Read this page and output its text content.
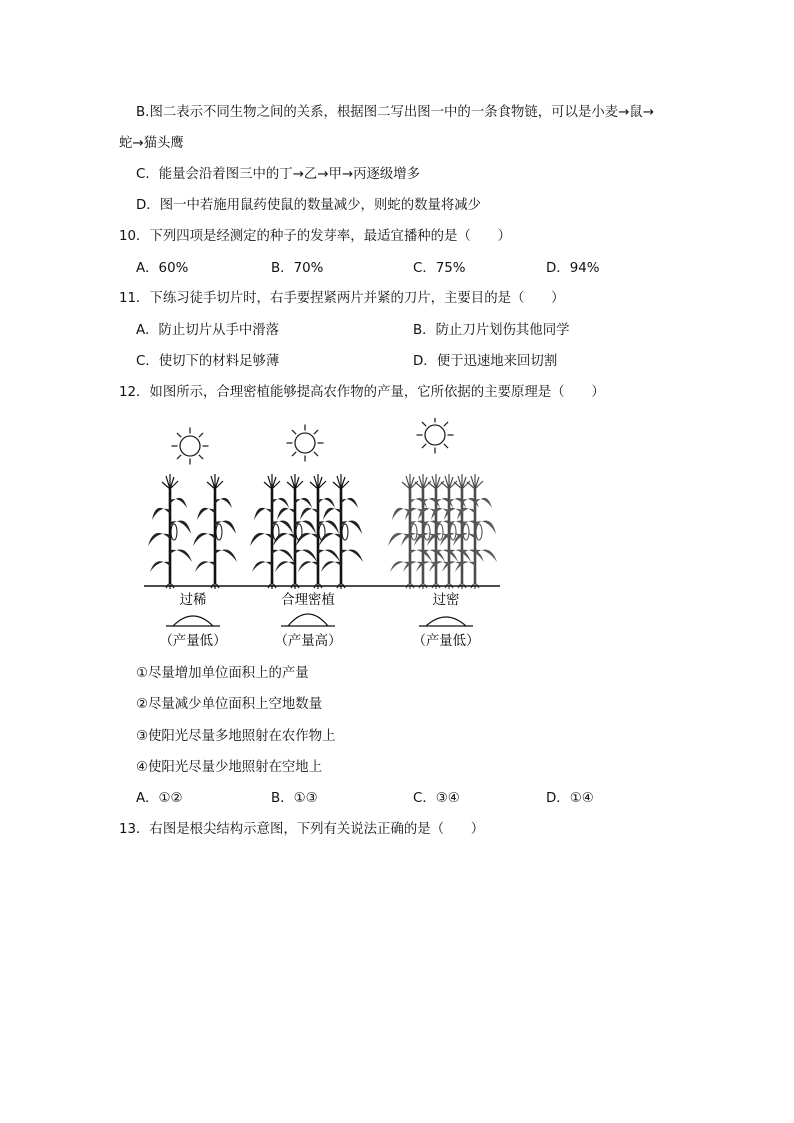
B.图二表示不同生物之间的关系，根据图二写出图一中的一条食物链，可以是小麦→鼠→
蛇→猫头鹰
C．能量会沿着图三中的丁→乙→甲→丙逐级增多
D．图一中若施用鼠药使鼠的数量减少，则蛇的数量将减少
10．下列四项是经测定的种子的发芽率，最适宜播种的是（　　）
A．60%	B．70%	C．75%	D．94%
11．下练习徒手切片时，右手要捏紧两片并紧的刀片，主要目的是（　　）
A．防止切片从手中滑落	B．防止刀片划伤其他同学
C．使切下的材料足够薄	D．便于迅速地来回切割
12．如图所示，合理密植能够提高农作物的产量，它所依据的主要原理是（　　）
过稀	合理密植	过密
（产量低）	（产量高）	（产量低）
①尽量增加单位面积上的产量
②尽量减少单位面积上空地数量
③使阳光尽量多地照射在农作物上
④使阳光尽量少地照射在空地上
A．①②	B．①③	C．③④	D．①④
13．右图是根尖结构示意图，下列有关说法正确的是（　　）
